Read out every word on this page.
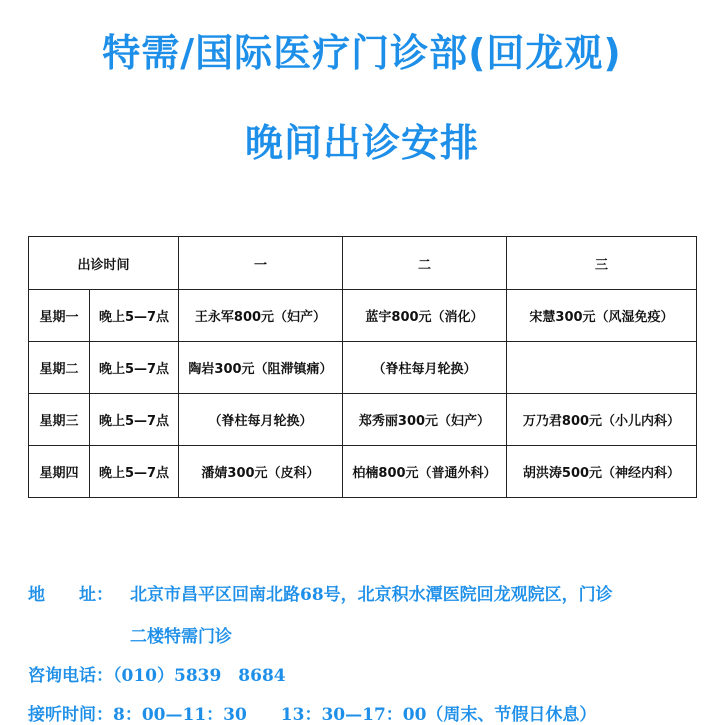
特需/国际医疗门诊部(回龙观)
晚间出诊安排
出诊时间		一	二	三
星期一	晚上5—7点	王永军800元（妇产）	蓝宇800元（消化）	宋慧300元（风湿免疫）
星期二	晚上5—7点	陶岩300元（阻滞镇痛）	（脊柱每月轮换）	
星期三	晚上5—7点	（脊柱每月轮换）	郑秀丽300元（妇产）	万乃君800元（小儿内科）
星期四	晚上5—7点	潘婧300元（皮科）	柏楠800元（普通外科）	胡洪涛500元（神经内科）
地　　址： 北京市昌平区回南北路68号，北京积水潭医院回龙观院区，门诊
二楼特需门诊
咨询电话：（010）5839　8684
接听时间：8：00—11：30　　13：30—17：00（周末、节假日休息）
